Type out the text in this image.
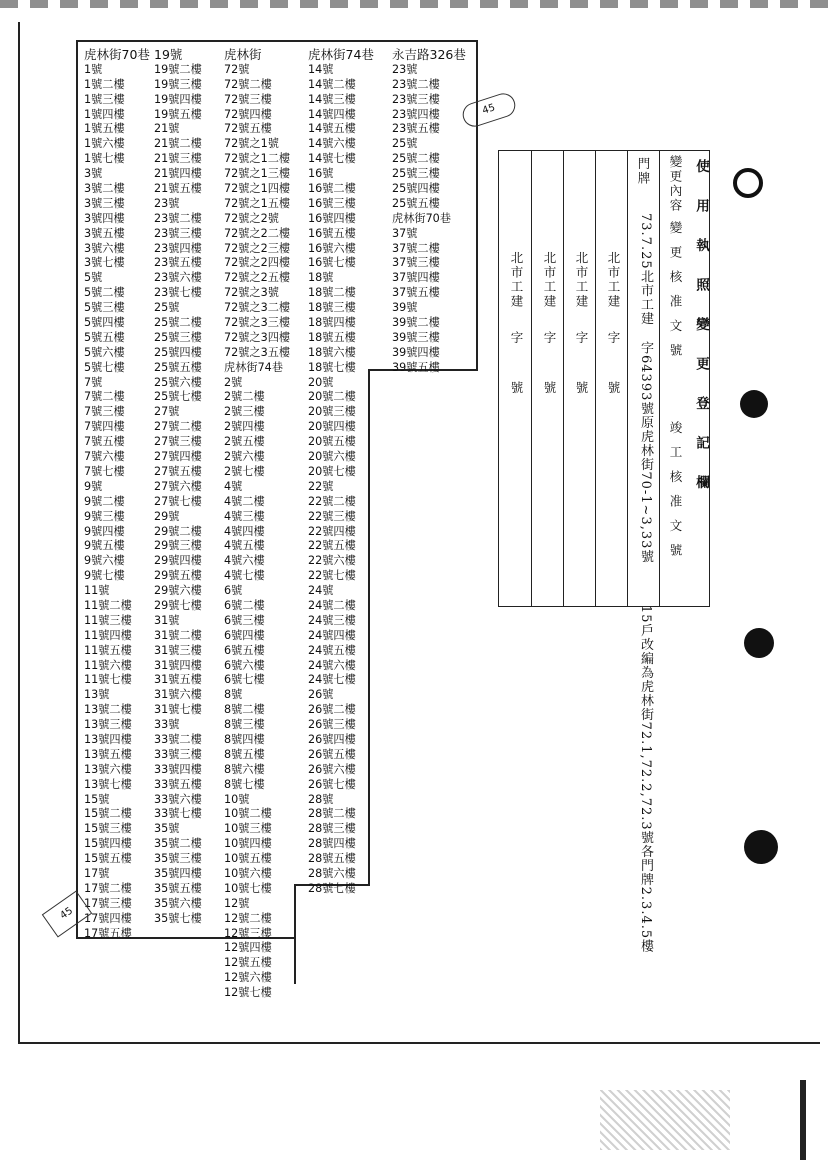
虎林街70巷
1號
1號二樓
1號三樓
1號四樓
1號五樓
1號六樓
1號七樓
3號
3號二樓
3號三樓
3號四樓
3號五樓
3號六樓
3號七樓
5號
5號二樓
5號三樓
5號四樓
5號五樓
5號六樓
5號七樓
7號
7號二樓
7號三樓
7號四樓
7號五樓
7號六樓
7號七樓
9號
9號二樓
9號三樓
9號四樓
9號五樓
9號六樓
9號七樓
11號
11號二樓
11號三樓
11號四樓
11號五樓
11號六樓
11號七樓
13號
13號二樓
13號三樓
13號四樓
13號五樓
13號六樓
13號七樓
15號
15號二樓
15號三樓
15號四樓
15號五樓
17號
17號二樓
17號三樓
17號四樓
17號五樓
19號
19號二樓
19號三樓
19號四樓
19號五樓
21號
21號二樓
21號三樓
21號四樓
21號五樓
23號
23號二樓
23號三樓
23號四樓
23號五樓
23號六樓
23號七樓
25號
25號二樓
25號三樓
25號四樓
25號五樓
25號六樓
25號七樓
27號
27號二樓
27號三樓
27號四樓
27號五樓
27號六樓
27號七樓
29號
29號二樓
29號三樓
29號四樓
29號五樓
29號六樓
29號七樓
31號
31號二樓
31號三樓
31號四樓
31號五樓
31號六樓
31號七樓
33號
33號二樓
33號三樓
33號四樓
33號五樓
33號六樓
33號七樓
35號
35號二樓
35號三樓
35號四樓
35號五樓
35號六樓
35號七樓
虎林街
72號
72號二樓
72號三樓
72號四樓
72號五樓
72號之1號
72號之1二樓
72號之1三樓
72號之1四樓
72號之1五樓
72號之2號
72號之2二樓
72號之2三樓
72號之2四樓
72號之2五樓
72號之3號
72號之3二樓
72號之3三樓
72號之3四樓
72號之3五樓
虎林街74巷
2號
2號二樓
2號三樓
2號四樓
2號五樓
2號六樓
2號七樓
4號
4號二樓
4號三樓
4號四樓
4號五樓
4號六樓
4號七樓
6號
6號二樓
6號三樓
6號四樓
6號五樓
6號六樓
6號七樓
8號
8號二樓
8號三樓
8號四樓
8號五樓
8號六樓
8號七樓
10號
10號二樓
10號三樓
10號四樓
10號五樓
10號六樓
10號七樓
12號
12號二樓
12號三樓
12號四樓
12號五樓
12號六樓
12號七樓
虎林街74巷
14號
14號二樓
14號三樓
14號四樓
14號五樓
14號六樓
14號七樓
16號
16號二樓
16號三樓
16號四樓
16號五樓
16號六樓
16號七樓
18號
18號二樓
18號三樓
18號四樓
18號五樓
18號六樓
18號七樓
20號
20號二樓
20號三樓
20號四樓
20號五樓
20號六樓
20號七樓
22號
22號二樓
22號三樓
22號四樓
22號五樓
22號六樓
22號七樓
24號
24號二樓
24號三樓
24號四樓
24號五樓
24號六樓
24號七樓
26號
26號二樓
26號三樓
26號四樓
26號五樓
26號六樓
26號七樓
28號
28號二樓
28號三樓
28號四樓
28號五樓
28號六樓
28號七樓
永吉路326巷
23號
23號二樓
23號三樓
23號四樓
23號五樓
25號
25號二樓
25號三樓
25號四樓
25號五樓
虎林街70巷
37號
37號二樓
37號三樓
37號四樓
37號五樓
39號
39號二樓
39號三樓
39號四樓
39號五樓
45
45
使用執照變更登記欄
變更內容
變更核准文號
竣工核准文號
門牌
73.7.25北市工建
字64393號原虎林街70-1~3,33號
北市工建
字
號
北市工建
字
號
北市工建
字
號
北市工建
字
號
15戶改編為虎林街72.1,72.2,72.3號各門牌2.3.4.5樓
